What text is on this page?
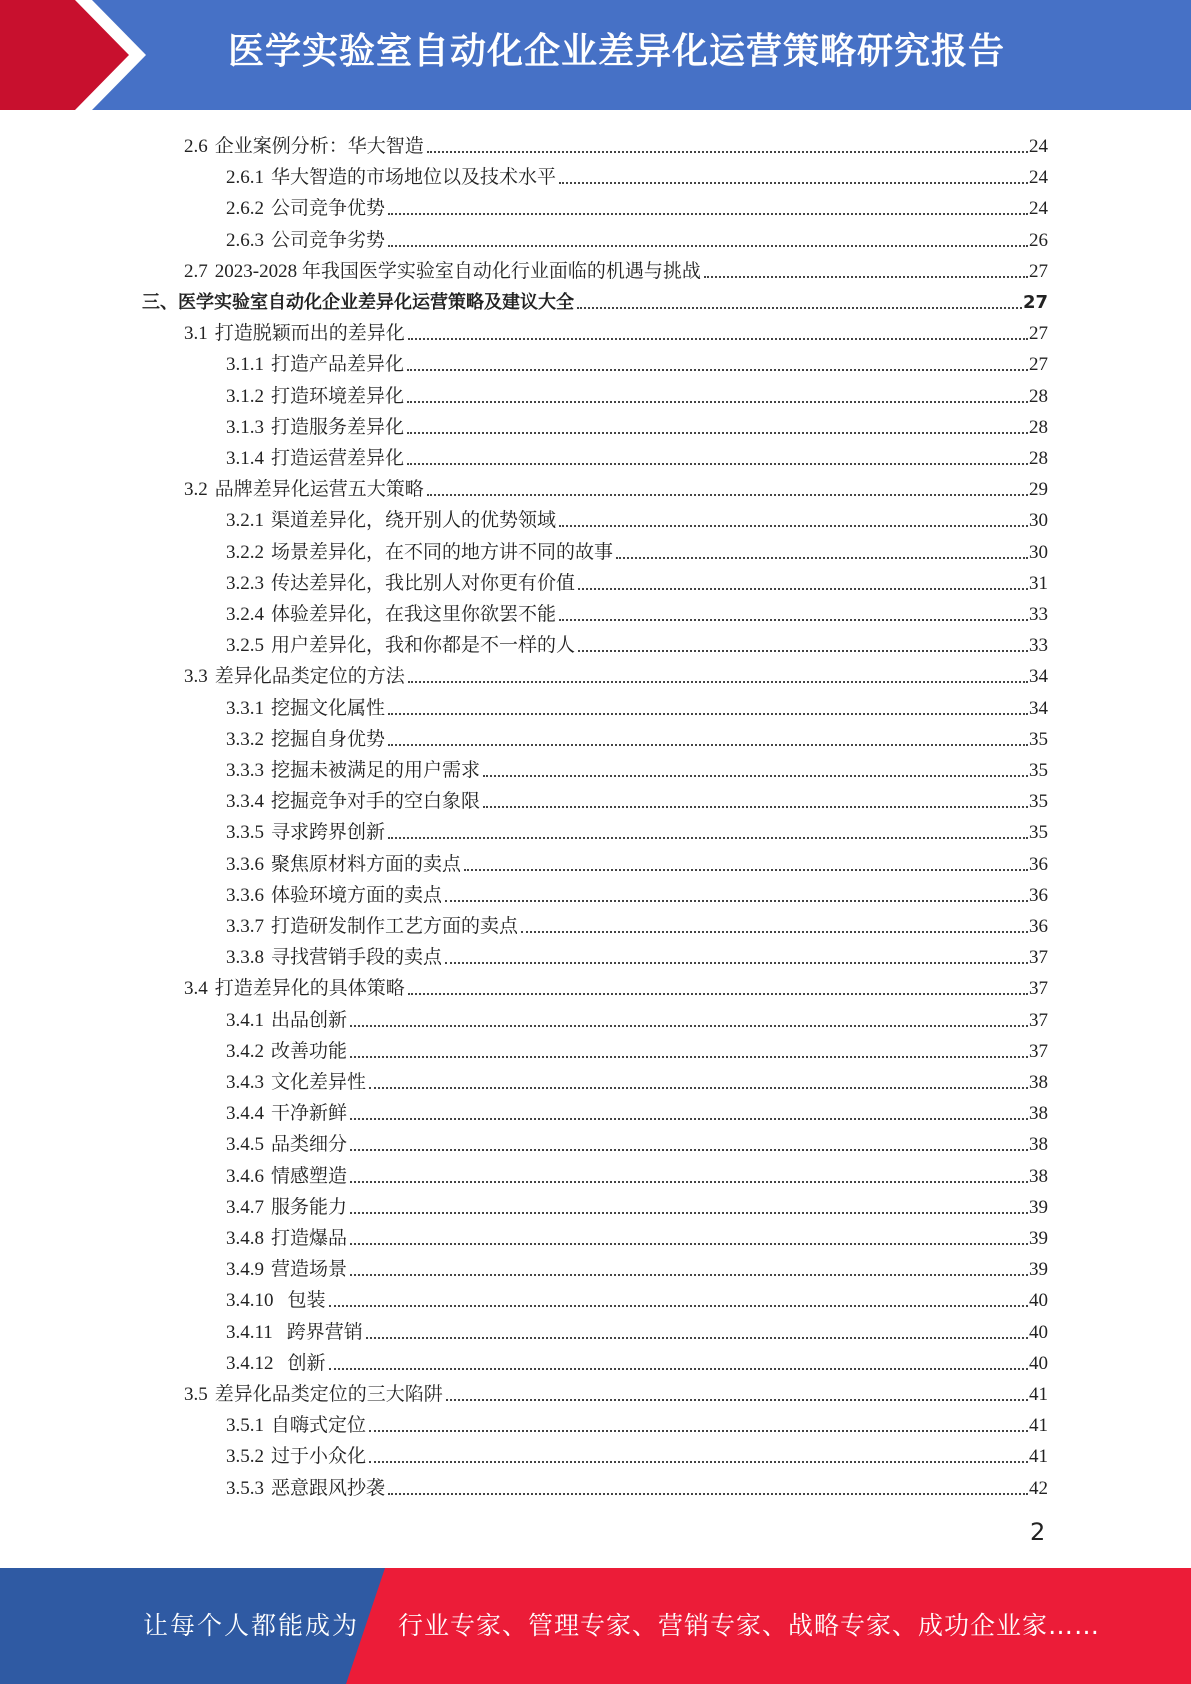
医学实验室自动化企业差异化运营策略研究报告
2.6 企业案例分析：华大智造	24
2.6.1 华大智造的市场地位以及技术水平	24
2.6.2 公司竞争优势	24
2.6.3 公司竞争劣势	26
2.7 2023-2028 年我国医学实验室自动化行业面临的机遇与挑战	27
三、 医学实验室自动化企业差异化运营策略及建议大全	27
3.1 打造脱颖而出的差异化	27
3.1.1 打造产品差异化	27
3.1.2 打造环境差异化	28
3.1.3 打造服务差异化	28
3.1.4 打造运营差异化	28
3.2 品牌差异化运营五大策略	29
3.2.1 渠道差异化，绕开别人的优势领域	30
3.2.2 场景差异化，在不同的地方讲不同的故事	30
3.2.3 传达差异化，我比别人对你更有价值	31
3.2.4 体验差异化，在我这里你欲罢不能	33
3.2.5 用户差异化，我和你都是不一样的人	33
3.3 差异化品类定位的方法	34
3.3.1 挖掘文化属性	34
3.3.2 挖掘自身优势	35
3.3.3 挖掘未被满足的用户需求	35
3.3.4 挖掘竞争对手的空白象限	35
3.3.5 寻求跨界创新	35
3.3.6 聚焦原材料方面的卖点	36
3.3.6 体验环境方面的卖点	36
3.3.7 打造研发制作工艺方面的卖点	36
3.3.8 寻找营销手段的卖点	37
3.4 打造差异化的具体策略	37
3.4.1 出品创新	37
3.4.2 改善功能	37
3.4.3 文化差异性	38
3.4.4 干净新鲜	38
3.4.5 品类细分	38
3.4.6 情感塑造	38
3.4.7 服务能力	39
3.4.8 打造爆品	39
3.4.9 营造场景	39
3.4.10 包装	40
3.4.11 跨界营销	40
3.4.12 创新	40
3.5 差异化品类定位的三大陷阱	41
3.5.1 自嗨式定位	41
3.5.2 过于小众化	41
3.5.3 恶意跟风抄袭	42
2
让每个人都能成为 行业专家、管理专家、营销专家、战略专家、成功企业家……
